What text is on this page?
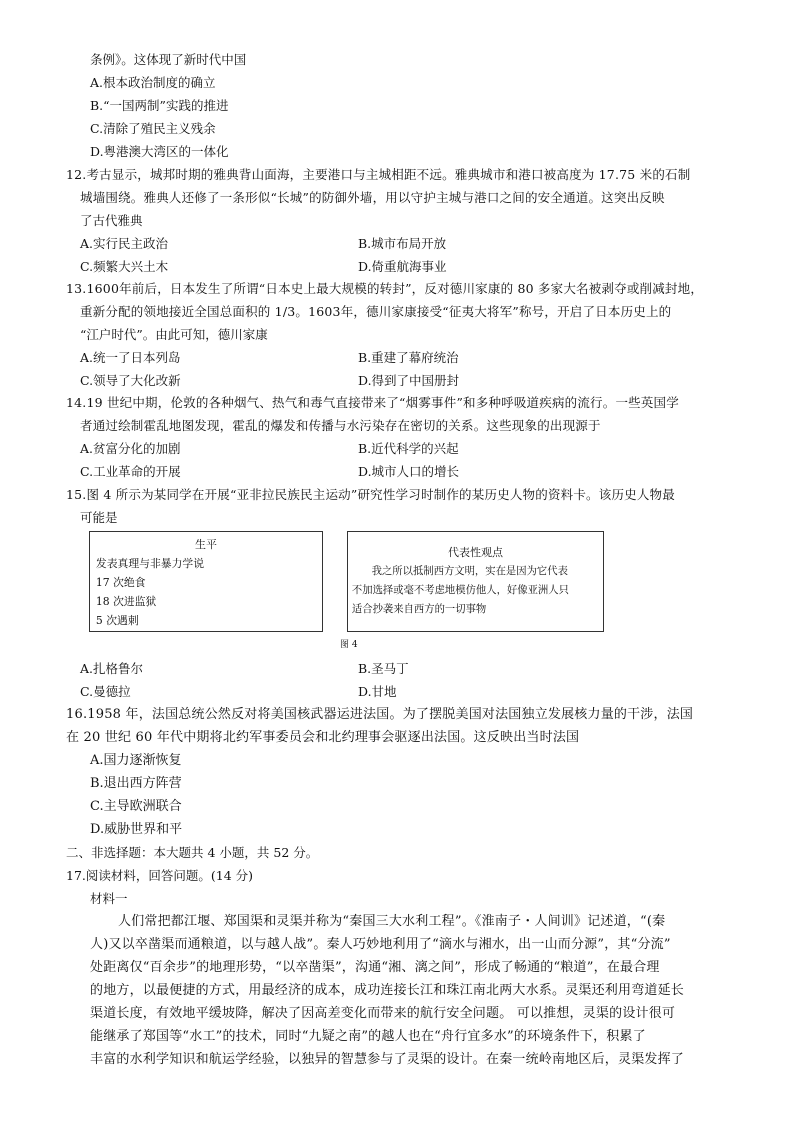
条例》。这体现了新时代中国
A.根本政治制度的确立
B.“一国两制”实践的推进
C.清除了殖民主义残余
D.粤港澳大湾区的一体化
12.考古显示，城邦时期的雅典背山面海，主要港口与主城相距不远。雅典城市和港口被高度为 17.75 米的石制
城墙围绕。雅典人还修了一条形似“长城”的防御外墙，用以守护主城与港口之间的安全通道。这突出反映
了古代雅典
A.实行民主政治	B.城市布局开放
C.频繁大兴土木	D.倚重航海事业
13.1600年前后，日本发生了所谓“日本史上最大规模的转封”，反对德川家康的 80 多家大名被剥夺或削减封地，
重新分配的领地接近全国总面积的 1/3。1603年，德川家康接受“征夷大将军”称号，开启了日本历史上的
“江户时代”。由此可知，德川家康
A.统一了日本列岛	B.重建了幕府统治
C.领导了大化改新	D.得到了中国册封
14.19 世纪中期，伦敦的各种烟气、热气和毒气直接带来了“烟雾事件”和多种呼吸道疾病的流行。一些英国学
者通过绘制霍乱地图发现，霍乱的爆发和传播与水污染存在密切的关系。这些现象的出现源于
A.贫富分化的加剧	B.近代科学的兴起
C.工业革命的开展	D.城市人口的增长
15.图 4 所示为某同学在开展“亚非拉民族民主运动”研究性学习时制作的某历史人物的资料卡。该历史人物最
可能是
生平
发表真理与非暴力学说
17 次绝食
18 次进监狱
5 次遇刺
代表性观点
我之所以抵制西方文明，实在是因为它代表
不加选择或毫不考虑地模仿他人，好像亚洲人只
适合抄袭来自西方的一切事物
图 4
A.扎格鲁尔	B.圣马丁
C.曼德拉	D.甘地
16.1958 年，法国总统公然反对将美国核武器运进法国。为了摆脱美国对法国独立发展核力量的干涉，法国
在 20 世纪 60 年代中期将北约军事委员会和北约理事会驱逐出法国。这反映出当时法国
A.国力逐渐恢复
B.退出西方阵营
C.主导欧洲联合
D.威胁世界和平
二、非选择题：本大题共 4 小题，共 52 分。
17.阅读材料，回答问题。(14 分)
材料一
人们常把都江堰、郑国渠和灵渠并称为“秦国三大水利工程”。《淮南子・人间训》记述道，“(秦
人)又以卒凿渠而通粮道，以与越人战”。秦人巧妙地利用了“滴水与湘水，出一山而分源”，其“分流”
处距离仅“百余步”的地理形势，“以卒凿渠”，沟通“湘、漓之间”，形成了畅通的“粮道”，在最合理
的地方，以最便捷的方式，用最经济的成本，成功连接长江和珠江南北两大水系。灵渠还利用弯道延长
渠道长度，有效地平缓坡降，解决了因高差变化而带来的航行安全问题。 可以推想，灵渠的设计很可
能继承了郑国等“水工”的技术，同时“九疑之南”的越人也在“舟行宜多水”的环境条件下，积累了
丰富的水利学知识和航运学经验，以独异的智慧参与了灵渠的设计。在秦一统岭南地区后，灵渠发挥了
